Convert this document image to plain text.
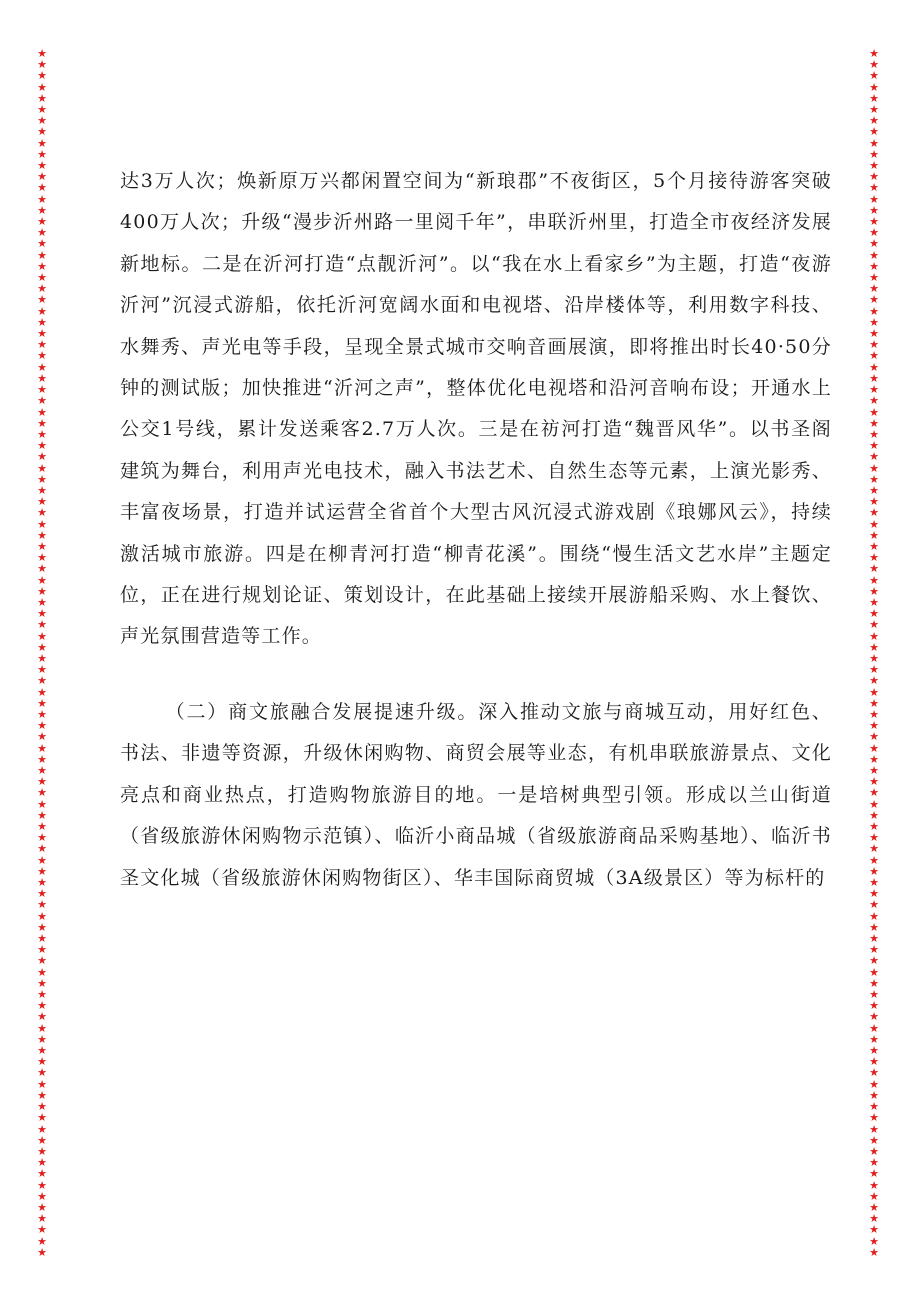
★
★
★
★
★
★
★
★
★
★
★
★
★
★
★
★
★
★
★
★
★
★
★
★
★
★
★
★
★
★
★
★
★
★
★
★
★
★
★
★
★
★
★
★
★
★
★
★
★
★
★
★
★
★
★
★
★
★
★
★
★
★
★
★
★
★
★
★
★
★
★
★
★
★
★
★
★
★
★
★
★
★
★
★
★
★
★
★
★
★
★
★
★
★
★
★
★
★
★
★
★
★
★
★
★
★
★
★
★
★
★
★
★
★
★
★
★
★
★
★
★
★
★
★
★
★
★
★
★
★
★
★
★
★
★
★
★
★
★
★
★
★
★
★
★
★
★
★
★
★
★
★
★
★
★
★
★
★
★
★
★
★
★
★
★
★
★
★
★
★
★
★
★
★
★
★
★
★
★
★
★
★
★
★
★
★
★
★
★
★
★
★
★
★
★
★
★
★
★
★
★
★
★
★
★
★
★
★
★
★
★
★
★
★
★
★

达3万人次；焕新原万兴都闲置空间为“新琅郡”不夜街区，5个月接待游客突破400万人次；升级“漫步沂州路一里阅千年”，串联沂州里，打造全市夜经济发展新地标。二是在沂河打造“点靓沂河”。以“我在水上看家乡”为主题，打造“夜游沂河”沉浸式游船，依托沂河宽阔水面和电视塔、沿岸楼体等，利用数字科技、水舞秀、声光电等手段，呈现全景式城市交响音画展演，即将推出时长40·50分钟的测试版；加快推进“沂河之声”，整体优化电视塔和沿河音响布设；开通水上公交1号线，累计发送乘客2.7万人次。三是在祊河打造“魏晋风华”。以书圣阁建筑为舞台，利用声光电技术，融入书法艺术、自然生态等元素，上演光影秀、丰富夜场景，打造并试运营全省首个大型古风沉浸式游戏剧《琅娜风云》，持续激活城市旅游。四是在柳青河打造“柳青花溪”。围绕“慢生活文艺水岸”主题定位，正在进行规划论证、策划设计，在此基础上接续开展游船采购、水上餐饮、声光氛围营造等工作。

（二）商文旅融合发展提速升级。深入推动文旅与商城互动，用好红色、书法、非遗等资源，升级休闲购物、商贸会展等业态，有机串联旅游景点、文化亮点和商业热点，打造购物旅游目的地。一是培树典型引领。形成以兰山街道（省级旅游休闲购物示范镇）、临沂小商品城（省级旅游商品采购基地）、临沂书圣文化城（省级旅游休闲购物街区）、华丰国际商贸城（3A级景区）等为标杆的
